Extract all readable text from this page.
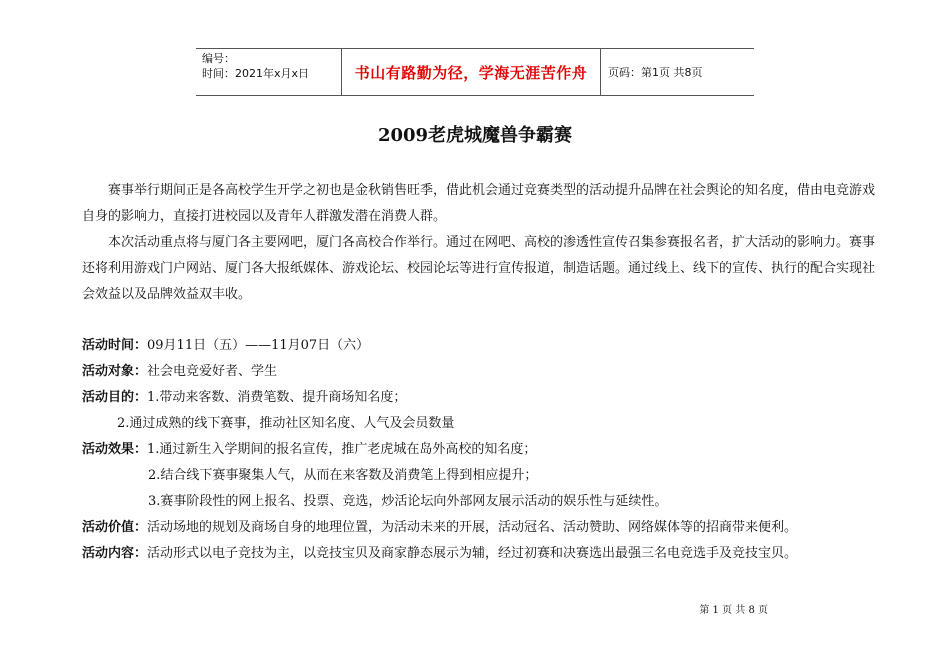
编号：
时间：2021年x月x日	书山有路勤为径，学海无涯苦作舟 页码：第1页 共8页
2009老虎城魔兽争霸赛

赛事举行期间正是各高校学生开学之初也是金秋销售旺季，借此机会通过竞赛类型的活动提升品牌在社会舆论的知名度，借由电竞游戏自身的影响力，直接打进校园以及青年人群激发潜在消费人群。

本次活动重点将与厦门各主要网吧，厦门各高校合作举行。通过在网吧、高校的渗透性宣传召集参赛报名者，扩大活动的影响力。赛事还将利用游戏门户网站、厦门各大报纸媒体、游戏论坛、校园论坛等进行宣传报道，制造话题。通过线上、线下的宣传、执行的配合实现社会效益以及品牌效益双丰收。

活动时间：09月11日（五）——11月07日（六）
活动对象：社会电竞爱好者、学生
活动目的：1.带动来客数、消费笔数、提升商场知名度；
2.通过成熟的线下赛事，推动社区知名度、人气及会员数量
活动效果：1.通过新生入学期间的报名宣传，推广老虎城在岛外高校的知名度；
2.结合线下赛事聚集人气，从而在来客数及消费笔上得到相应提升；
3.赛事阶段性的网上报名、投票、竞选，炒活论坛向外部网友展示活动的娱乐性与延续性。
活动价值：活动场地的规划及商场自身的地理位置，为活动未来的开展，活动冠名、活动赞助、网络媒体等的招商带来便利。
活动内容：活动形式以电子竞技为主，以竞技宝贝及商家静态展示为辅，经过初赛和决赛选出最强三名电竞选手及竞技宝贝。
第 1 页 共 8 页
